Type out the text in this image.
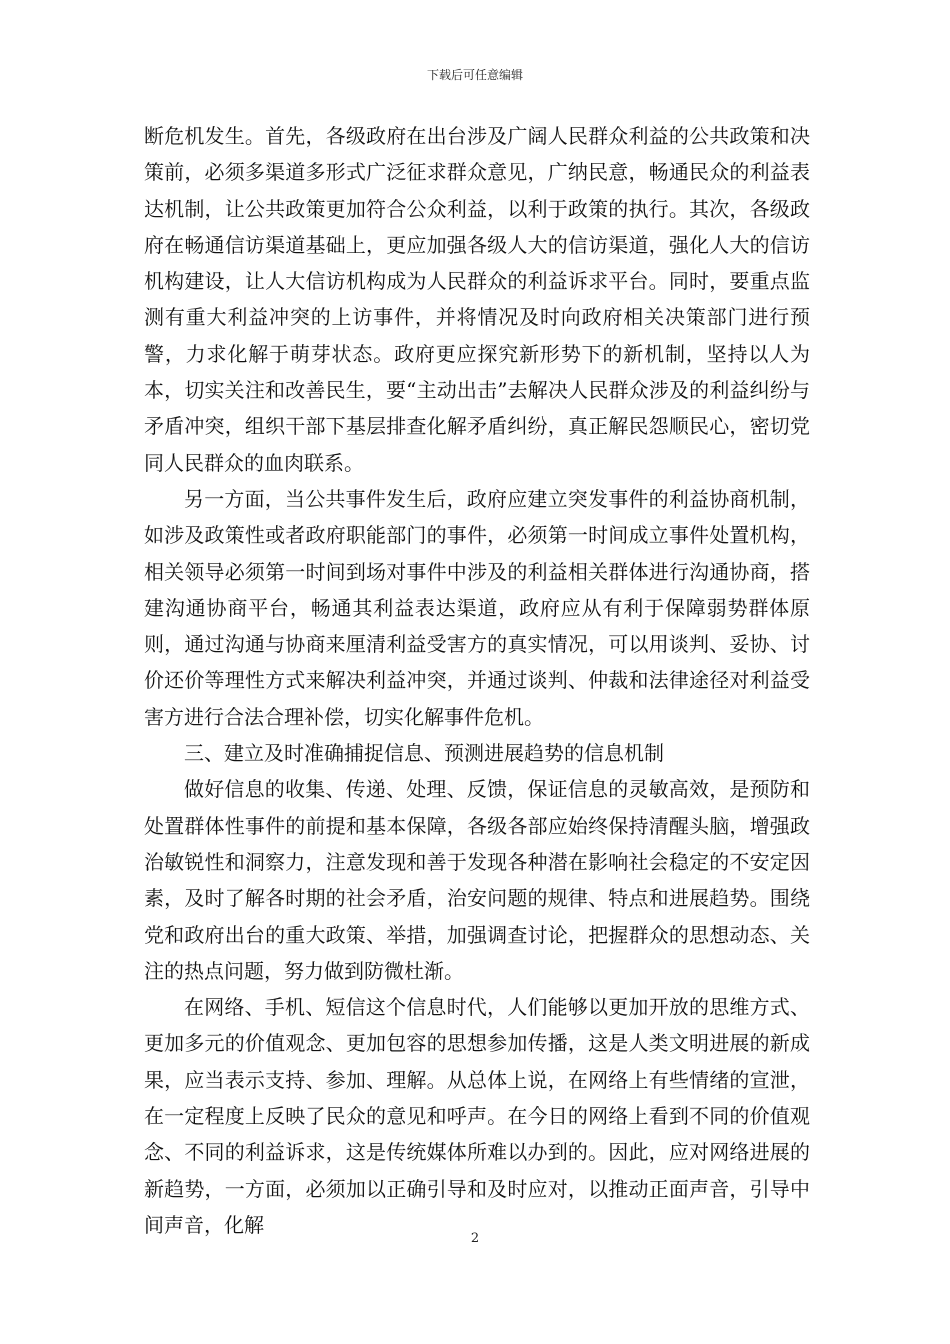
下载后可任意编辑

断危机发生。首先，各级政府在出台涉及广阔人民群众利益的公共政策和决策前，必须多渠道多形式广泛征求群众意见，广纳民意，畅通民众的利益表达机制，让公共政策更加符合公众利益，以利于政策的执行。其次，各级政府在畅通信访渠道基础上，更应加强各级人大的信访渠道，强化人大的信访机构建设，让人大信访机构成为人民群众的利益诉求平台。同时，要重点监测有重大利益冲突的上访事件，并将情况及时向政府相关决策部门进行预警，力求化解于萌芽状态。政府更应探究新形势下的新机制，坚持以人为本，切实关注和改善民生，要“主动出击”去解决人民群众涉及的利益纠纷与矛盾冲突，组织干部下基层排查化解矛盾纠纷，真正解民怨顺民心，密切党同人民群众的血肉联系。

另一方面，当公共事件发生后，政府应建立突发事件的利益协商机制，如涉及政策性或者政府职能部门的事件，必须第一时间成立事件处置机构，相关领导必须第一时间到场对事件中涉及的利益相关群体进行沟通协商，搭建沟通协商平台，畅通其利益表达渠道，政府应从有利于保障弱势群体原则，通过沟通与协商来厘清利益受害方的真实情况，可以用谈判、妥协、讨价还价等理性方式来解决利益冲突，并通过谈判、仲裁和法律途径对利益受害方进行合法合理补偿，切实化解事件危机。

三、建立及时准确捕捉信息、预测进展趋势的信息机制

做好信息的收集、传递、处理、反馈，保证信息的灵敏高效，是预防和处置群体性事件的前提和基本保障，各级各部应始终保持清醒头脑，增强政治敏锐性和洞察力，注意发现和善于发现各种潜在影响社会稳定的不安定因素，及时了解各时期的社会矛盾，治安问题的规律、特点和进展趋势。围绕党和政府出台的重大政策、举措，加强调查讨论，把握群众的思想动态、关注的热点问题，努力做到防微杜渐。

在网络、手机、短信这个信息时代，人们能够以更加开放的思维方式、更加多元的价值观念、更加包容的思想参加传播，这是人类文明进展的新成果，应当表示支持、参加、理解。从总体上说，在网络上有些情绪的宣泄，在一定程度上反映了民众的意见和呼声。在今日的网络上看到不同的价值观念、不同的利益诉求，这是传统媒体所难以办到的。因此，应对网络进展的新趋势，一方面，必须加以正确引导和及时应对，以推动正面声音，引导中间声音，化解

2
